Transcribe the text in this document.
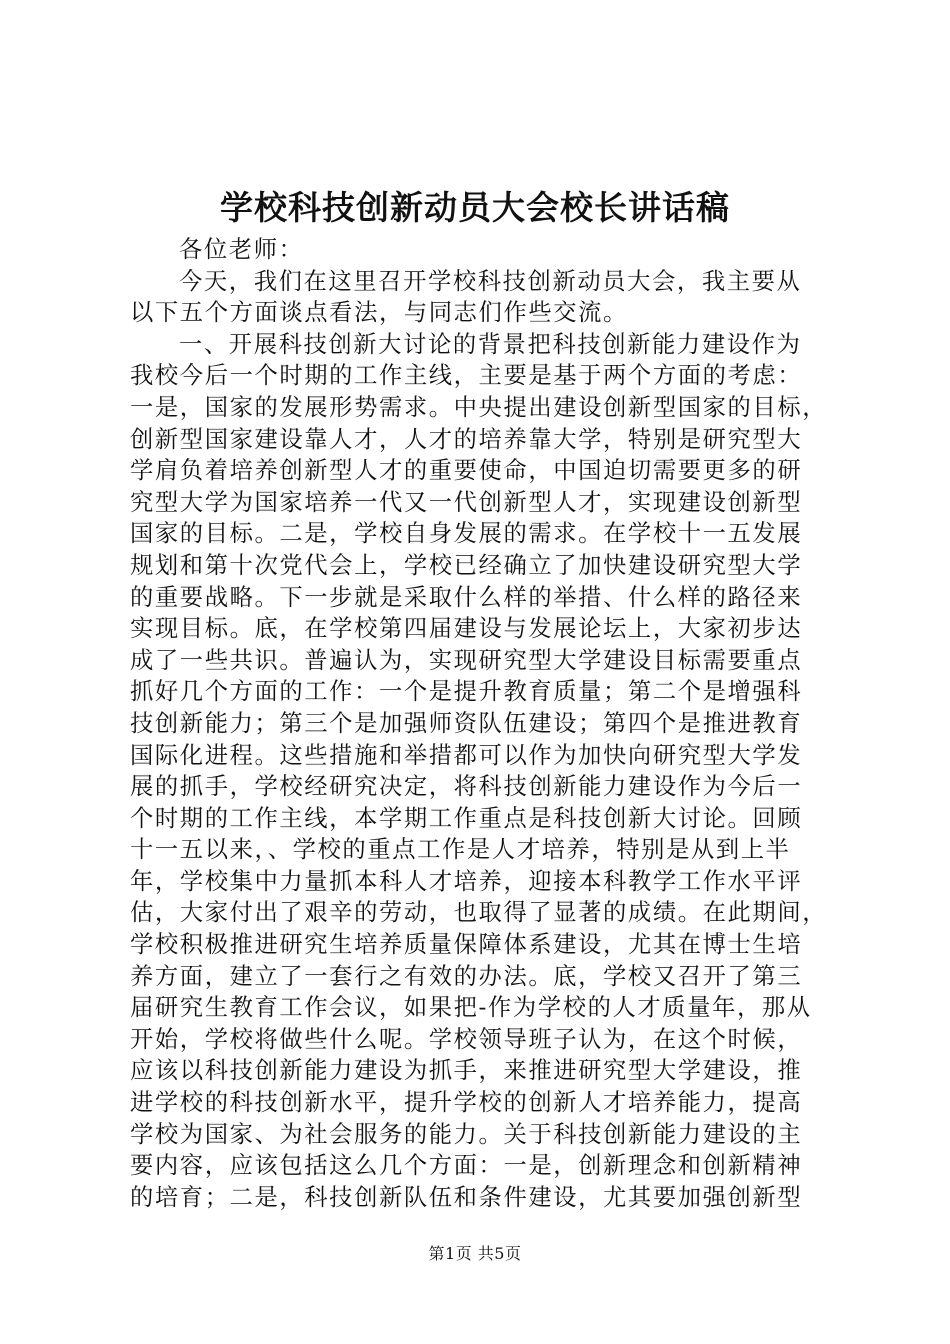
学校科技创新动员大会校长讲话稿
各位老师：
今天，我们在这里召开学校科技创新动员大会，我主要从
以下五个方面谈点看法，与同志们作些交流。
一、开展科技创新大讨论的背景把科技创新能力建设作为
我校今后一个时期的工作主线，主要是基于两个方面的考虑：
一是，国家的发展形势需求。中央提出建设创新型国家的目标，
创新型国家建设靠人才，人才的培养靠大学，特别是研究型大
学肩负着培养创新型人才的重要使命，中国迫切需要更多的研
究型大学为国家培养一代又一代创新型人才，实现建设创新型
国家的目标。二是，学校自身发展的需求。在学校十一五发展
规划和第十次党代会上，学校已经确立了加快建设研究型大学
的重要战略。下一步就是采取什么样的举措、什么样的路径来
实现目标。底，在学校第四届建设与发展论坛上，大家初步达
成了一些共识。普遍认为，实现研究型大学建设目标需要重点
抓好几个方面的工作：一个是提升教育质量；第二个是增强科
技创新能力；第三个是加强师资队伍建设；第四个是推进教育
国际化进程。这些措施和举措都可以作为加快向研究型大学发
展的抓手，学校经研究决定，将科技创新能力建设作为今后一
个时期的工作主线，本学期工作重点是科技创新大讨论。回顾
十一五以来，、学校的重点工作是人才培养，特别是从到上半
年，学校集中力量抓本科人才培养，迎接本科教学工作水平评
估，大家付出了艰辛的劳动，也取得了显著的成绩。在此期间，
学校积极推进研究生培养质量保障体系建设，尤其在博士生培
养方面，建立了一套行之有效的办法。底，学校又召开了第三
届研究生教育工作会议，如果把-作为学校的人才质量年，那从
开始，学校将做些什么呢。学校领导班子认为，在这个时候，
应该以科技创新能力建设为抓手，来推进研究型大学建设，推
进学校的科技创新水平，提升学校的创新人才培养能力，提高
学校为国家、为社会服务的能力。关于科技创新能力建设的主
要内容，应该包括这么几个方面：一是，创新理念和创新精神
的培育；二是，科技创新队伍和条件建设，尤其要加强创新型
第1页 共5页
